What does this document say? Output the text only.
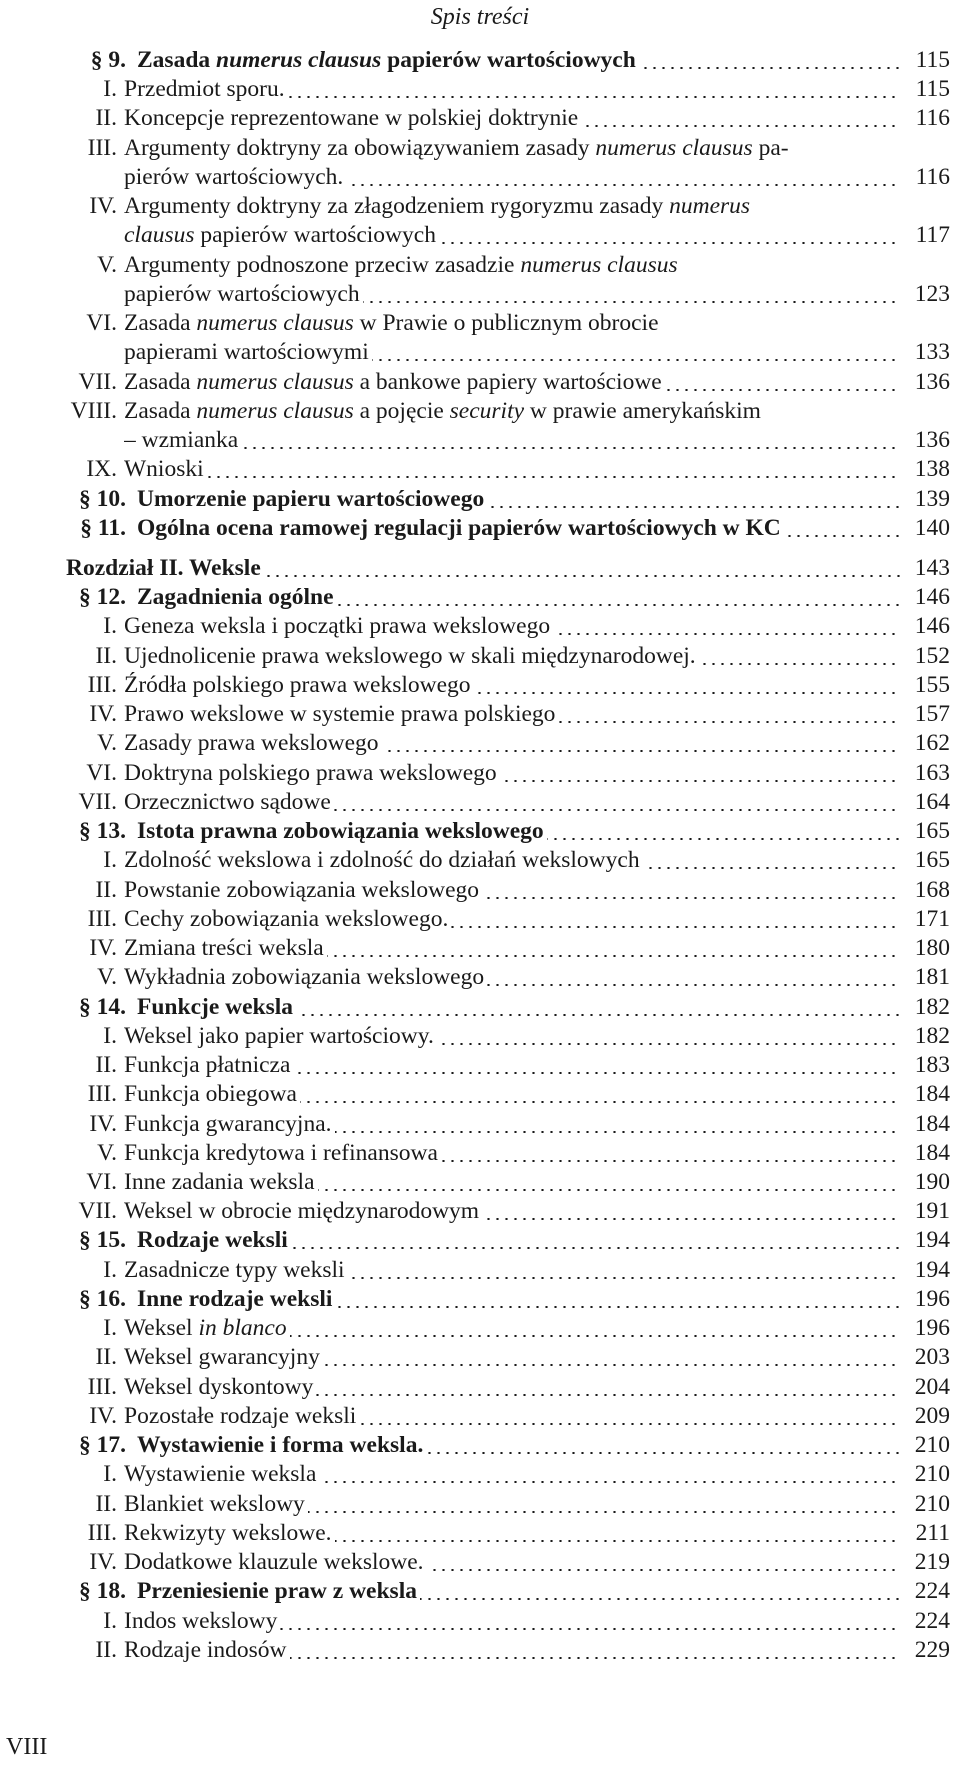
Spis treści
§ 9. Zasada numerus clausus papierów wartościowych	115
I. Przedmiot sporu.	115
II. Koncepcje reprezentowane w polskiej doktrynie	116
III. Argumenty doktryny za obowiązywaniem zasady numerus clausus pa-
pierów wartościowych.	116
IV. Argumenty doktryny za złagodzeniem rygoryzmu zasady numerus
clausus papierów wartościowych	117
V. Argumenty podnoszone przeciw zasadzie numerus clausus
papierów wartościowych	123
VI. Zasada numerus clausus w Prawie o publicznym obrocie
papierami wartościowymi	133
VII. Zasada numerus clausus a bankowe papiery wartościowe	136
VIII. Zasada numerus clausus a pojęcie security w prawie amerykańskim
– wzmianka	136
IX. Wnioski	138
§ 10. Umorzenie papieru wartościowego	139
§ 11. Ogólna ocena ramowej regulacji papierów wartościowych w KC	140
Rozdział II. Weksle	143
§ 12. Zagadnienia ogólne	146
I. Geneza weksla i początki prawa wekslowego	146
II. Ujednolicenie prawa wekslowego w skali międzynarodowej.	152
III. Źródła polskiego prawa wekslowego	155
IV. Prawo wekslowe w systemie prawa polskiego	157
V. Zasady prawa wekslowego	162
VI. Doktryna polskiego prawa wekslowego	163
VII. Orzecznictwo sądowe	164
§ 13. Istota prawna zobowiązania wekslowego	165
I. Zdolność wekslowa i zdolność do działań wekslowych	165
II. Powstanie zobowiązania wekslowego	168
III. Cechy zobowiązania wekslowego.	171
IV. Zmiana treści weksla	180
V. Wykładnia zobowiązania wekslowego	181
§ 14. Funkcje weksla	182
I. Weksel jako papier wartościowy.	182
II. Funkcja płatnicza	183
III. Funkcja obiegowa	184
IV. Funkcja gwarancyjna.	184
V. Funkcja kredytowa i refinansowa	184
VI. Inne zadania weksla	190
VII. Weksel w obrocie międzynarodowym	191
§ 15. Rodzaje weksli	194
I. Zasadnicze typy weksli	194
§ 16. Inne rodzaje weksli	196
I. Weksel in blanco	196
II. Weksel gwarancyjny	203
III. Weksel dyskontowy	204
IV. Pozostałe rodzaje weksli	209
§ 17. Wystawienie i forma weksla.	210
I. Wystawienie weksla	210
II. Blankiet wekslowy	210
III. Rekwizyty wekslowe.	211
IV. Dodatkowe klauzule wekslowe.	219
§ 18. Przeniesienie praw z weksla	224
I. Indos wekslowy	224
II. Rodzaje indosów	229
VIII
